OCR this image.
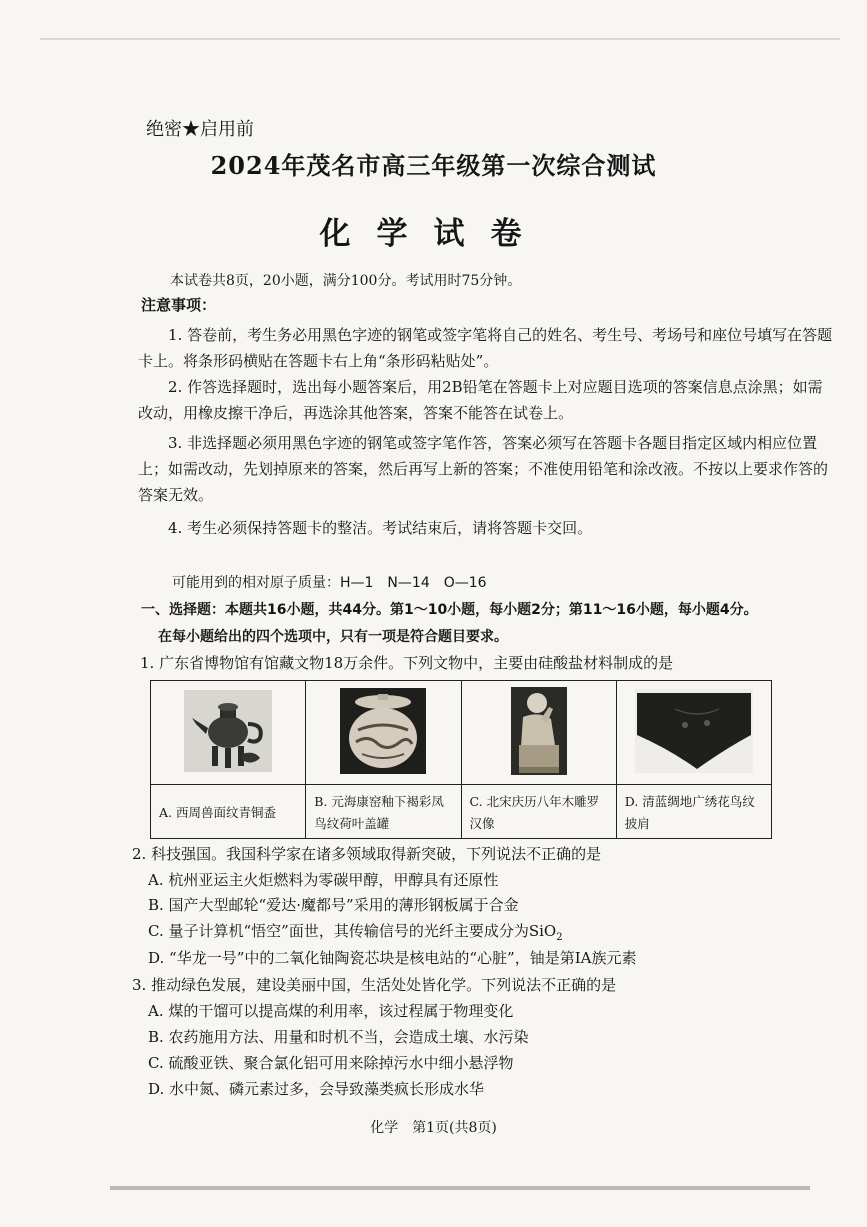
绝密★启用前
2024年茂名市高三年级第一次综合测试
化学试卷
本试卷共8页，20小题，满分100分。考试用时75分钟。
注意事项：
1. 答卷前，考生务必用黑色字迹的钢笔或签字笔将自己的姓名、考生号、考场号和座位号填写在答题卡上。将条形码横贴在答题卡右上角“条形码粘贴处”。
2. 作答选择题时，选出每小题答案后，用2B铅笔在答题卡上对应题目选项的答案信息点涂黑；如需改动，用橡皮擦干净后，再选涂其他答案，答案不能答在试卷上。
3. 非选择题必须用黑色字迹的钢笔或签字笔作答，答案必须写在答题卡各题目指定区域内相应位置上；如需改动，先划掉原来的答案，然后再写上新的答案；不准使用铅笔和涂改液。不按以上要求作答的答案无效。
4. 考生必须保持答题卡的整洁。考试结束后，请将答题卡交回。
可能用到的相对原子质量：H—1　N—14　O—16
一、选择题：本题共16小题，共44分。第1～10小题，每小题2分；第11～16小题，每小题4分。
在每小题给出的四个选项中，只有一项是符合题目要求。
1. 广东省博物馆有馆藏文物18万余件。下列文物中，主要由硅酸盐材料制成的是

A. 西周兽面纹青铜盉	B. 元海康窑釉下褐彩凤鸟纹荷叶盖罐	C. 北宋庆历八年木雕罗汉像	D. 清蓝绸地广绣花鸟纹披肩
2. 科技强国。我国科学家在诸多领域取得新突破，下列说法不正确的是
A. 杭州亚运主火炬燃料为零碳甲醇，甲醇具有还原性
B. 国产大型邮轮“爱达·魔都号”采用的薄形钢板属于合金
C. 量子计算机“悟空”面世，其传输信号的光纤主要成分为SiO$_2$
D. “华龙一号”中的二氧化铀陶瓷芯块是核电站的“心脏”，铀是第ⅠA族元素
3. 推动绿色发展，建设美丽中国，生活处处皆化学。下列说法不正确的是
A. 煤的干馏可以提高煤的利用率，该过程属于物理变化
B. 农药施用方法、用量和时机不当，会造成土壤、水污染
C. 硫酸亚铁、聚合氯化铝可用来除掉污水中细小悬浮物
D. 水中氮、磷元素过多，会导致藻类疯长形成水华
化学　第1页(共8页)
